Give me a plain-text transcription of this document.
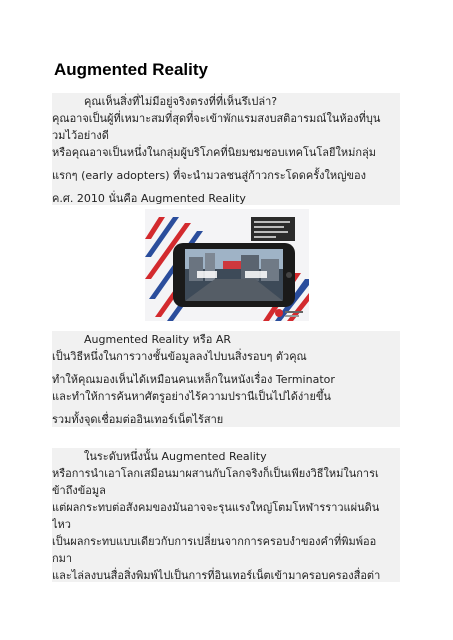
Augmented Reality

คุณเห็นสิ่งที่ไม่มีอยู่จริงตรงที่ที่เห็นรึเปล่า?

คุณอาจเป็นผู้ที่เหมาะสมที่สุดที่จะเข้าพักแรมสงบสติอารมณ์ในห้องที่บุน

วมไว้อย่างดี

หรือคุณอาจเป็นหนึ่งในกลุ่มผู้บริโภคที่นิยมชมชอบเทคโนโลยีใหม่กลุ่ม

แรกๆ (early adopters) ที่จะนำมวลชนสู่ก้าวกระโดดครั้งใหญ่ของ

ค.ศ. 2010 นั่นคือ Augmented Reality

Augmented Reality หรือ AR

เป็นวิธีหนึ่งในการวางชั้นข้อมูลลงไปบนสิ่งรอบๆ ตัวคุณ

ทำให้คุณมองเห็นได้เหมือนคนเหล็กในหนังเรื่อง Terminator

และทำให้การค้นหาศัตรูอย่างไร้ความปรานีเป็นไปได้ง่ายขึ้น

รวมทั้งจุดเชื่อมต่ออินเทอร์เน็ตไร้สาย

ในระดับหนึ่งนั้น Augmented Reality

หรือการนำเอาโลกเสมือนมาผสานกับโลกจริงก็เป็นเพียงวิธีใหม่ในการเ

ข้าถึงข้อมูล

แต่ผลกระทบต่อสังคมของมันอาจจะรุนแรงใหญ่โตมโหฬารราวแผ่นดิน

ไหว

เป็นผลกระทบแบบเดียวกับการเปลี่ยนจากการครอบงำของคำที่พิมพ์ออ

กมา

และไล่ลงบนสื่อสิ่งพิมพ์ไปเป็นการที่อินเทอร์เน็ตเข้ามาครอบครองสื่อต่า
